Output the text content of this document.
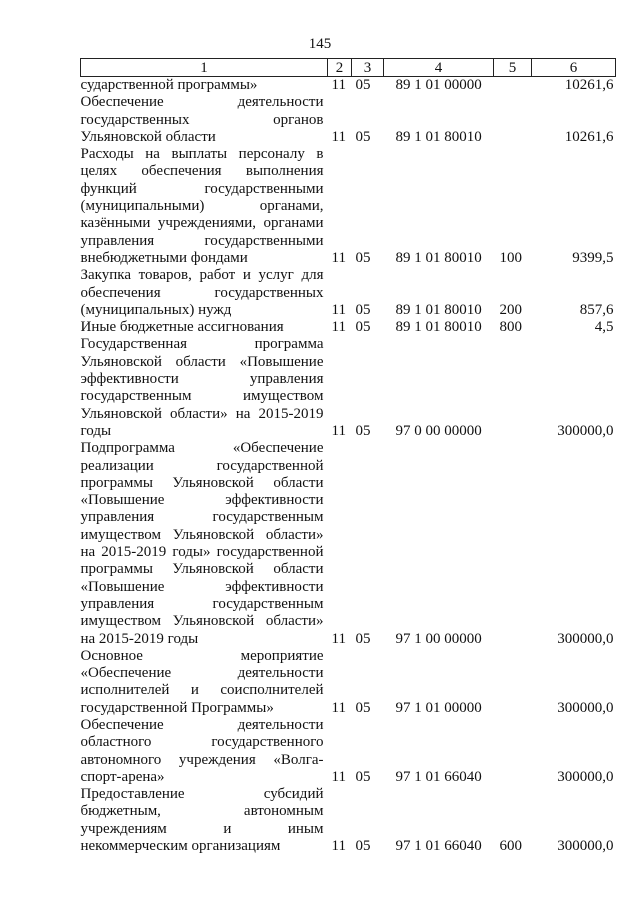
145
1	2	3	4	5	6
сударственной программы»	11	05	89 1 01 00000		10261,6
Обеспечение деятельности государственных органов Ульяновской области	11	05	89 1 01 80010		10261,6
Расходы на выплаты персоналу в целях обеспечения выполнения функций государственными (муниципальными) органами, казёнными учреждениями, органами управления государственными внебюджетными фондами	11	05	89 1 01 80010	100	9399,5
Закупка товаров, работ и услуг для обеспечения государственных (муниципальных) нужд	11	05	89 1 01 80010	200	857,6
Иные бюджетные ассигнования	11	05	89 1 01 80010	800	4,5
Государственная программа Ульяновской области «Повышение эффективности управления государственным имуществом Ульяновской области» на 2015-2019 годы	11	05	97 0 00 00000		300000,0
Подпрограмма «Обеспечение реализации государственной программы Ульяновской области «Повышение эффективности управления государственным имуществом Ульяновской области» на 2015-2019 годы» государственной программы Ульяновской области «Повышение эффективности управления государственным имуществом Ульяновской области» на 2015-2019 годы	11	05	97 1 00 00000		300000,0
Основное мероприятие «Обеспечение деятельности исполнителей и соисполнителей государственной Программы»	11	05	97 1 01 00000		300000,0
Обеспечение деятельности областного государственного автономного учреждения «Волга-спорт-арена»	11	05	97 1 01 66040		300000,0
Предоставление субсидий бюджетным, автономным учреждениям и иным некоммерческим организациям	11	05	97 1 01 66040	600	300000,0
